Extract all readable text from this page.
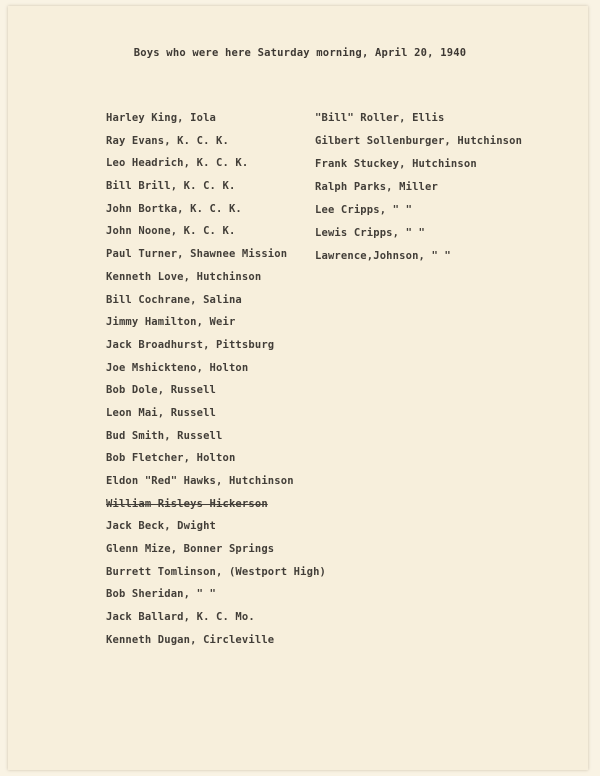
Boys who were here Saturday morning, April 20, 1940
Harley King, Iola
Ray Evans, K. C. K.
Leo Headrich, K. C. K.
Bill Brill, K. C. K.
John Bortka, K. C. K.
John Noone, K. C. K.
Paul Turner, Shawnee Mission
Kenneth Love, Hutchinson
Bill Cochrane, Salina
Jimmy Hamilton, Weir
Jack Broadhurst, Pittsburg
Joe Mshickteno, Holton
Bob Dole, Russell
Leon Mai, Russell
Bud Smith, Russell
Bob Fletcher, Holton
Eldon "Red" Hawks, Hutchinson
William Risleys Hickerson
Jack Beck, Dwight
Glenn Mize, Bonner Springs
Burrett Tomlinson, (Westport High)
Bob Sheridan, " "
Jack Ballard, K. C. Mo.
Kenneth Dugan, Circleville
"Bill" Roller, Ellis
Gilbert Sollenburger, Hutchinson
Frank Stuckey, Hutchinson
Ralph Parks, Miller
Lee Cripps, " "
Lewis Cripps, " "
Lawrence,Johnson, " "
